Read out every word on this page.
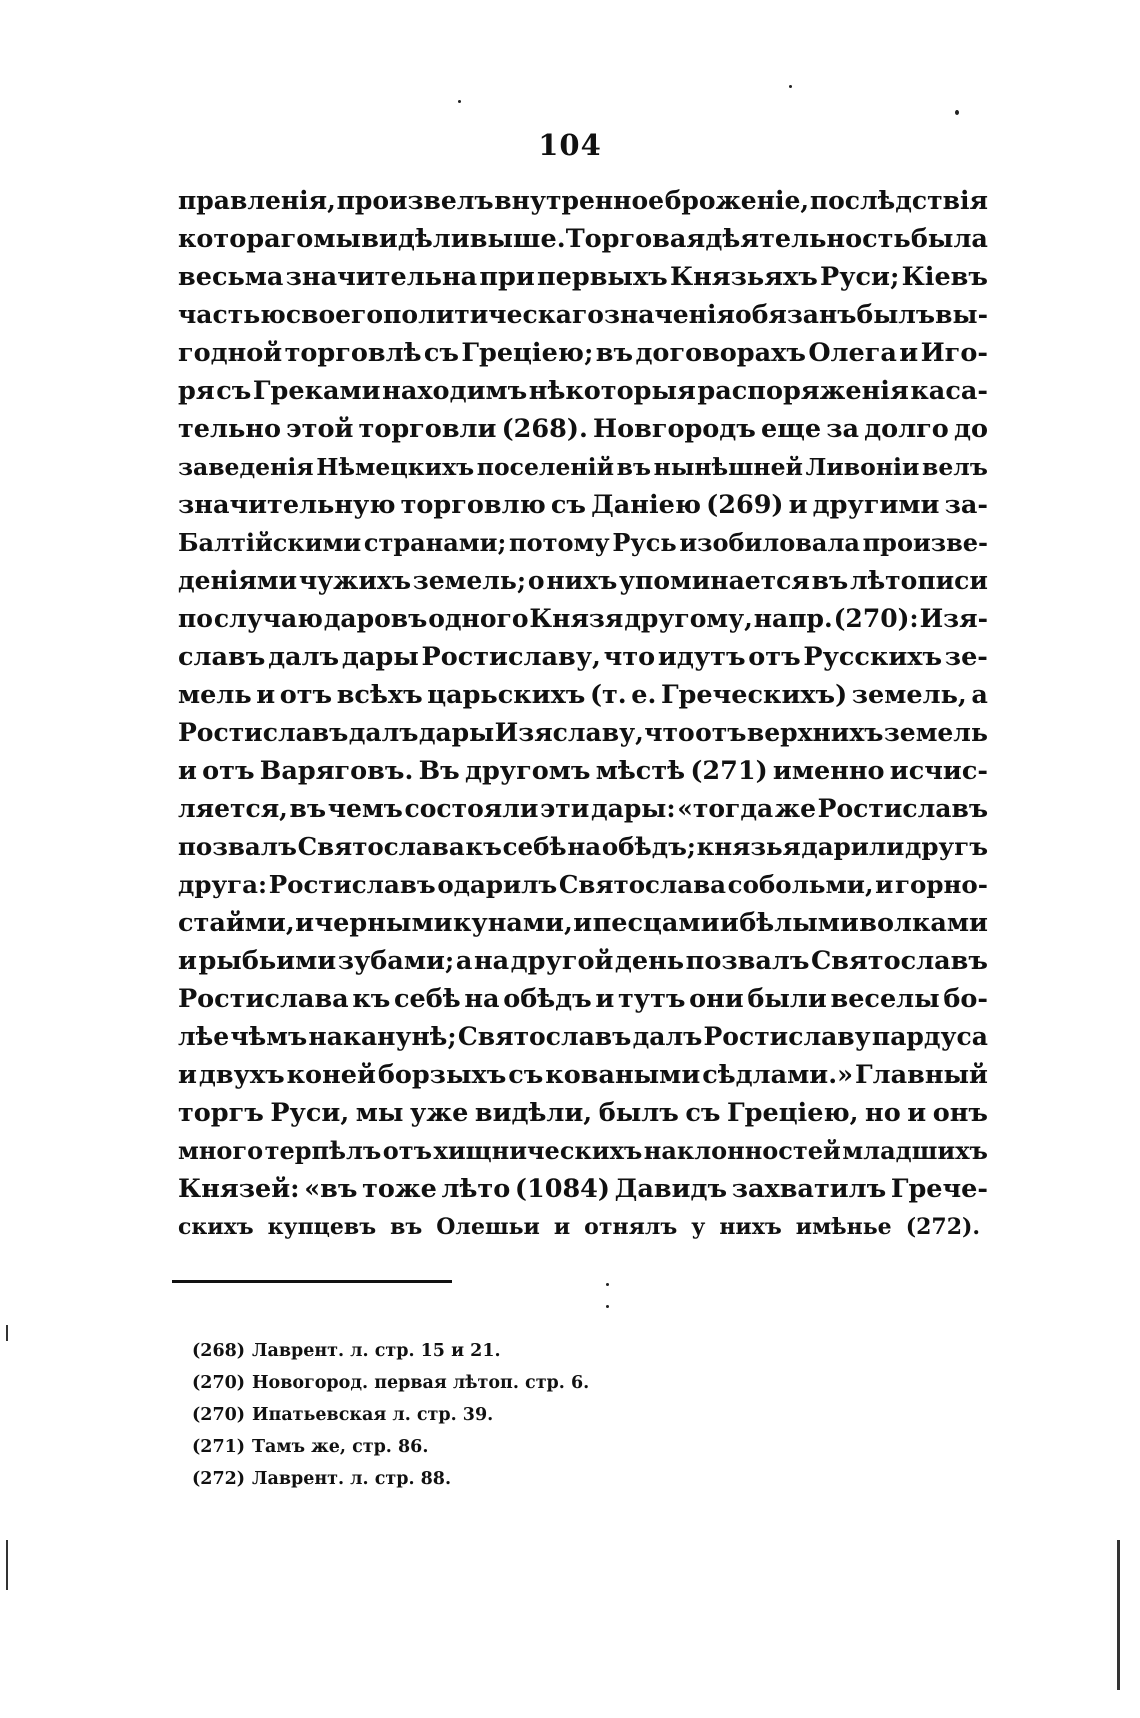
104
правленія, произвелъ внутренное броженіе, послѣдствія
котораго мы видѣли выше. Торговая дѣятельность была
весьма значительна при первыхъ Князьяхъ Руси; Кіевъ
частью своего политическаго значенія обязанъ былъ вы-
годной торговлѣ съ Греціею; въ договорахъ Олега и Иго-
ря съ Греками находимъ нѣкоторыя распоряженія каса-
тельно этой торговли (268). Новгородъ еще за долго до
заведенія Нѣмецкихъ поселеній въ нынѣшней Ливоніи велъ
значительную торговлю съ Даніею (269) и другими за-
Балтійскими странами; потому Русь изобиловала произве-
деніями чужихъ земель; о нихъ упоминается въ лѣтописи
по случаю даровъ одного Князя другому, напр. (270): Изя-
славъ далъ дары Ростиславу, что идутъ отъ Русскихъ зе-
мель и отъ всѣхъ царьскихъ (т. е. Греческихъ) земель, а
Ростиславъ далъ дары Изяславу, что отъ верхнихъ земель
и отъ Варяговъ. Въ другомъ мѣстѣ (271) именно исчис-
ляется, въ чемъ состояли эти дары: «тогда же Ростиславъ
позвалъ Святослава къ себѣ на обѣдъ; князья дарили другъ
друга: Ростиславъ одарилъ Святослава собольми, и горно-
стайми, и черными кунами, и песцами и бѣлыми волками
и рыбьими зубами; а на другой день позвалъ Святославъ
Ростислава къ себѣ на обѣдъ и тутъ они были веселы бо-
лѣе чѣмъ наканунѣ; Святославъ далъ Ростиславу пардуса
и двухъ коней борзыхъ съ коваными сѣдлами.» Главный
торгъ Руси, мы уже видѣли, былъ съ Греціею, но и онъ
много терпѣлъ отъ хищническихъ наклонностей младшихъ
Князей: «въ тоже лѣто (1084) Давидъ захватилъ Грече-
скихъ купцевъ въ Олешьи и отнялъ у нихъ имѣнье (272).
(268) Лаврент. л. стр. 15 и 21.
(270) Новогород. первая лѣтоп. стр. 6.
(270) Ипатьевская л. стр. 39.
(271) Тамъ же, стр. 86.
(272) Лаврент. л. стр. 88.
